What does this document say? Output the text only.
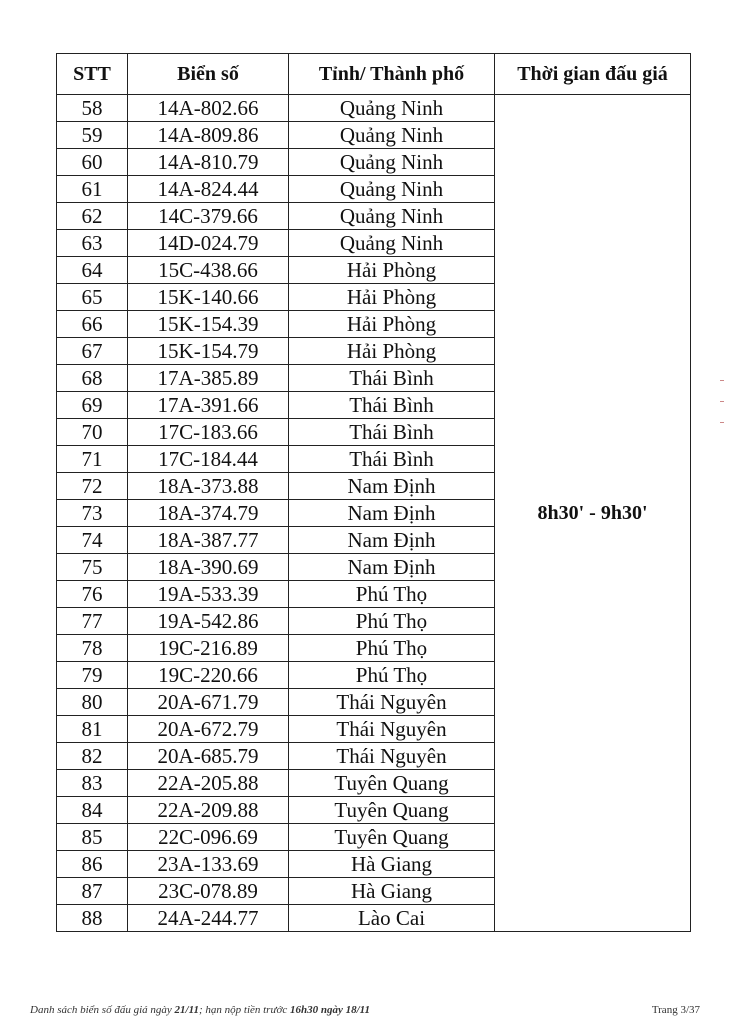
STT	Biển số	Tỉnh/ Thành phố	Thời gian đấu giá
58	14A-802.66	Quảng Ninh	8h30' - 9h30'
59	14A-809.86	Quảng Ninh	
60	14A-810.79	Quảng Ninh	
61	14A-824.44	Quảng Ninh	
62	14C-379.66	Quảng Ninh	
63	14D-024.79	Quảng Ninh	
64	15C-438.66	Hải Phòng	
65	15K-140.66	Hải Phòng	
66	15K-154.39	Hải Phòng	
67	15K-154.79	Hải Phòng	
68	17A-385.89	Thái Bình	
69	17A-391.66	Thái Bình	
70	17C-183.66	Thái Bình	
71	17C-184.44	Thái Bình	
72	18A-373.88	Nam Định	
73	18A-374.79	Nam Định	
74	18A-387.77	Nam Định	
75	18A-390.69	Nam Định	
76	19A-533.39	Phú Thọ	
77	19A-542.86	Phú Thọ	
78	19C-216.89	Phú Thọ	
79	19C-220.66	Phú Thọ	
80	20A-671.79	Thái Nguyên	
81	20A-672.79	Thái Nguyên	
82	20A-685.79	Thái Nguyên	
83	22A-205.88	Tuyên Quang	
84	22A-209.88	Tuyên Quang	
85	22C-096.69	Tuyên Quang	
86	23A-133.69	Hà Giang	
87	23C-078.89	Hà Giang	
88	24A-244.77	Lào Cai	
Danh sách biển số đấu giá ngày 21/11; hạn nộp tiền trước 16h30 ngày 18/11	Trang 3/37
